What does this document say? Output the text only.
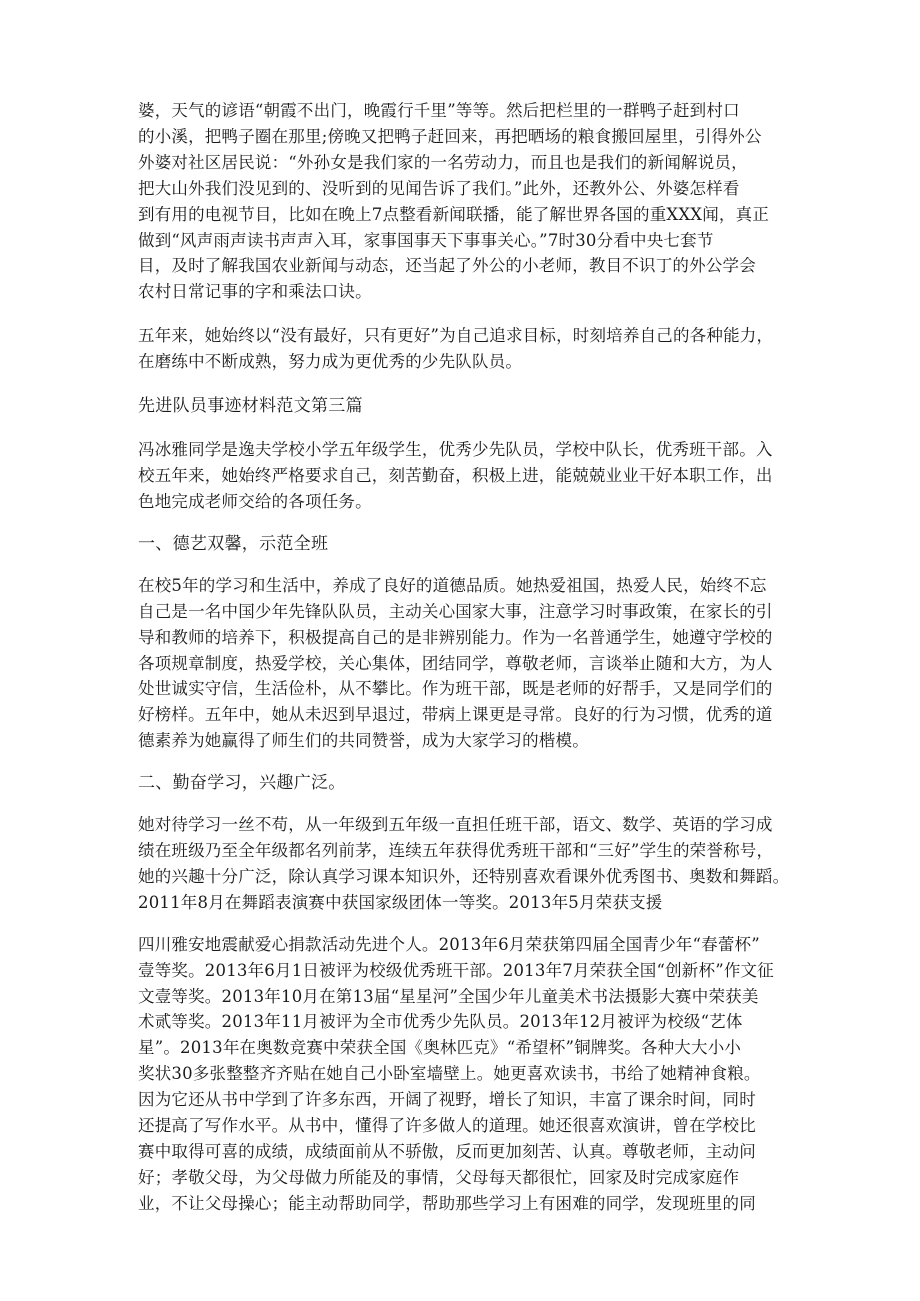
婆，天气的谚语“朝霞不出门，晚霞行千里”等等。然后把栏里的一群鸭子赶到村口
的小溪，把鸭子圈在那里;傍晚又把鸭子赶回来，再把晒场的粮食搬回屋里，引得外公
外婆对社区居民说：“外孙女是我们家的一名劳动力，而且也是我们的新闻解说员，
把大山外我们没见到的、没听到的见闻告诉了我们。”此外，还教外公、外婆怎样看
到有用的电视节目，比如在晚上7点整看新闻联播，能了解世界各国的重XXX闻，真正
做到“风声雨声读书声声入耳，家事国事天下事事关心。”7时30分看中央七套节
目，及时了解我国农业新闻与动态，还当起了外公的小老师，教目不识丁的外公学会
农村日常记事的字和乘法口诀。

五年来，她始终以“没有最好，只有更好”为自己追求目标，时刻培养自己的各种能力，
在磨练中不断成熟，努力成为更优秀的少先队队员。

先进队员事迹材料范文第三篇

冯冰雅同学是逸夫学校小学五年级学生，优秀少先队员，学校中队长，优秀班干部。入
校五年来，她始终严格要求自己，刻苦勤奋，积极上进，能兢兢业业干好本职工作，出
色地完成老师交给的各项任务。

一、德艺双馨，示范全班

在校5年的学习和生活中，养成了良好的道德品质。她热爱祖国，热爱人民，始终不忘
自己是一名中国少年先锋队队员，主动关心国家大事，注意学习时事政策，在家长的引
导和教师的培养下，积极提高自己的是非辨别能力。作为一名普通学生，她遵守学校的
各项规章制度，热爱学校，关心集体，团结同学，尊敬老师，言谈举止随和大方，为人
处世诚实守信，生活俭朴，从不攀比。作为班干部，既是老师的好帮手，又是同学们的
好榜样。五年中，她从未迟到早退过，带病上课更是寻常。良好的行为习惯，优秀的道
德素养为她赢得了师生们的共同赞誉，成为大家学习的楷模。

二、勤奋学习，兴趣广泛。

她对待学习一丝不苟，从一年级到五年级一直担任班干部，语文、数学、英语的学习成
绩在班级乃至全年级都名列前茅，连续五年获得优秀班干部和“三好”学生的荣誉称号，
她的兴趣十分广泛，除认真学习课本知识外，还特别喜欢看课外优秀图书、奥数和舞蹈。
2011年8月在舞蹈表演赛中获国家级团体一等奖。2013年5月荣获支援

四川雅安地震献爱心捐款活动先进个人。2013年6月荣获第四届全国青少年“春蕾杯”
壹等奖。2013年6月1日被评为校级优秀班干部。2013年7月荣获全国“创新杯”作文征
文壹等奖。2013年10月在第13届“星星河”全国少年儿童美术书法摄影大赛中荣获美
术贰等奖。2013年11月被评为全市优秀少先队员。2013年12月被评为校级“艺体
星”。2013年在奥数竞赛中荣获全国《奥林匹克》“希望杯”铜牌奖。各种大大小小
奖状30多张整整齐齐贴在她自己小卧室墙壁上。她更喜欢读书，书给了她精神食粮。
因为它还从书中学到了许多东西，开阔了视野，增长了知识，丰富了课余时间，同时
还提高了写作水平。从书中，懂得了许多做人的道理。她还很喜欢演讲，曾在学校比
赛中取得可喜的成绩，成绩面前从不骄傲，反而更加刻苦、认真。尊敬老师，主动问
好；孝敬父母，为父母做力所能及的事情，父母每天都很忙，回家及时完成家庭作
业，不让父母操心；能主动帮助同学，帮助那些学习上有困难的同学，发现班里的同
